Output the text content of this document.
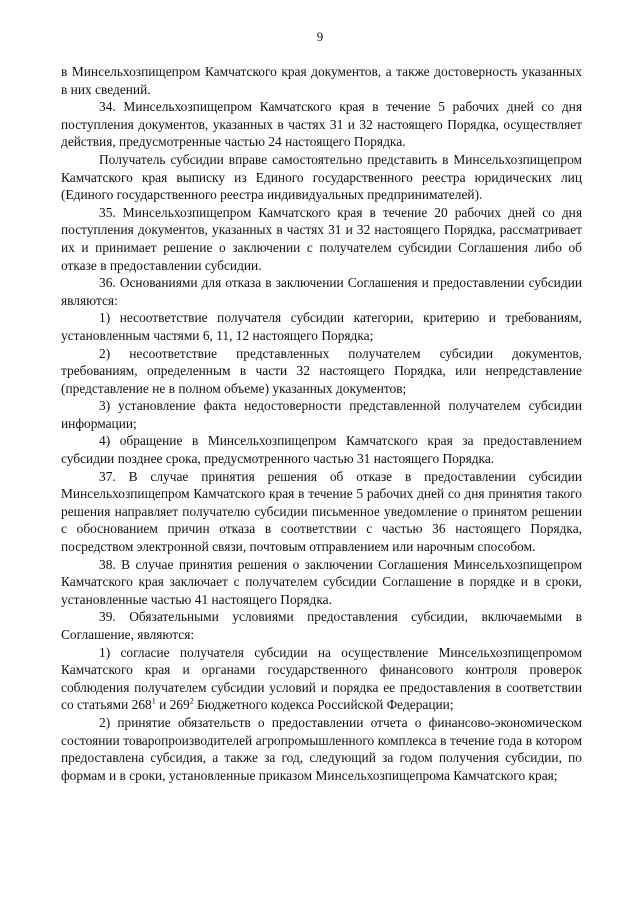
9

в Минсельхозпищепром Камчатского края документов, а также достоверность указанных в них сведений.

34. Минсельхозпищепром Камчатского края в течение 5 рабочих дней со дня поступления документов, указанных в частях 31 и 32 настоящего Порядка, осуществляет действия, предусмотренные частью 24 настоящего Порядка.

Получатель субсидии вправе самостоятельно представить в Минсельхозпищепром Камчатского края выписку из Единого государственного реестра юридических лиц (Единого государственного реестра индивидуальных предпринимателей).

35. Минсельхозпищепром Камчатского края в течение 20 рабочих дней со дня поступления документов, указанных в частях 31 и 32 настоящего Порядка, рассматривает их и принимает решение о заключении с получателем субсидии Соглашения либо об отказе в предоставлении субсидии.

36. Основаниями для отказа в заключении Соглашения и предоставлении субсидии являются:

1) несоответствие получателя субсидии категории, критерию и требованиям, установленным частями 6, 11, 12 настоящего Порядка;

2) несоответствие представленных получателем субсидии документов, требованиям, определенным в части 32 настоящего Порядка, или непредставление (представление не в полном объеме) указанных документов;

3) установление факта недостоверности представленной получателем субсидии информации;

4) обращение в Минсельхозпищепром Камчатского края за предоставлением субсидии позднее срока, предусмотренного частью 31 настоящего Порядка.

37. В случае принятия решения об отказе в предоставлении субсидии Минсельхозпищепром Камчатского края в течение 5 рабочих дней со дня принятия такого решения направляет получателю субсидии письменное уведомление о принятом решении с обоснованием причин отказа в соответствии с частью 36 настоящего Порядка, посредством электронной связи, почтовым отправлением или нарочным способом.

38. В случае принятия решения о заключении Соглашения Минсельхозпищепром Камчатского края заключает с получателем субсидии Соглашение в порядке и в сроки, установленные частью 41 настоящего Порядка.

39. Обязательными условиями предоставления субсидии, включаемыми в Соглашение, являются:

1) согласие получателя субсидии на осуществление Минсельхозпищепромом Камчатского края и органами государственного финансового контроля проверок соблюдения получателем субсидии условий и порядка ее предоставления в соответствии со статьями $268^1$ и $269^2$ Бюджетного кодекса Российской Федерации;

2) принятие обязательств о предоставлении отчета о финансово-экономическом состоянии товаропроизводителей агропромышленного комплекса в течение года в котором предоставлена субсидия, а также за год, следующий за годом получения субсидии, по формам и в сроки, установленные приказом Минсельхозпищепрома Камчатского края;
